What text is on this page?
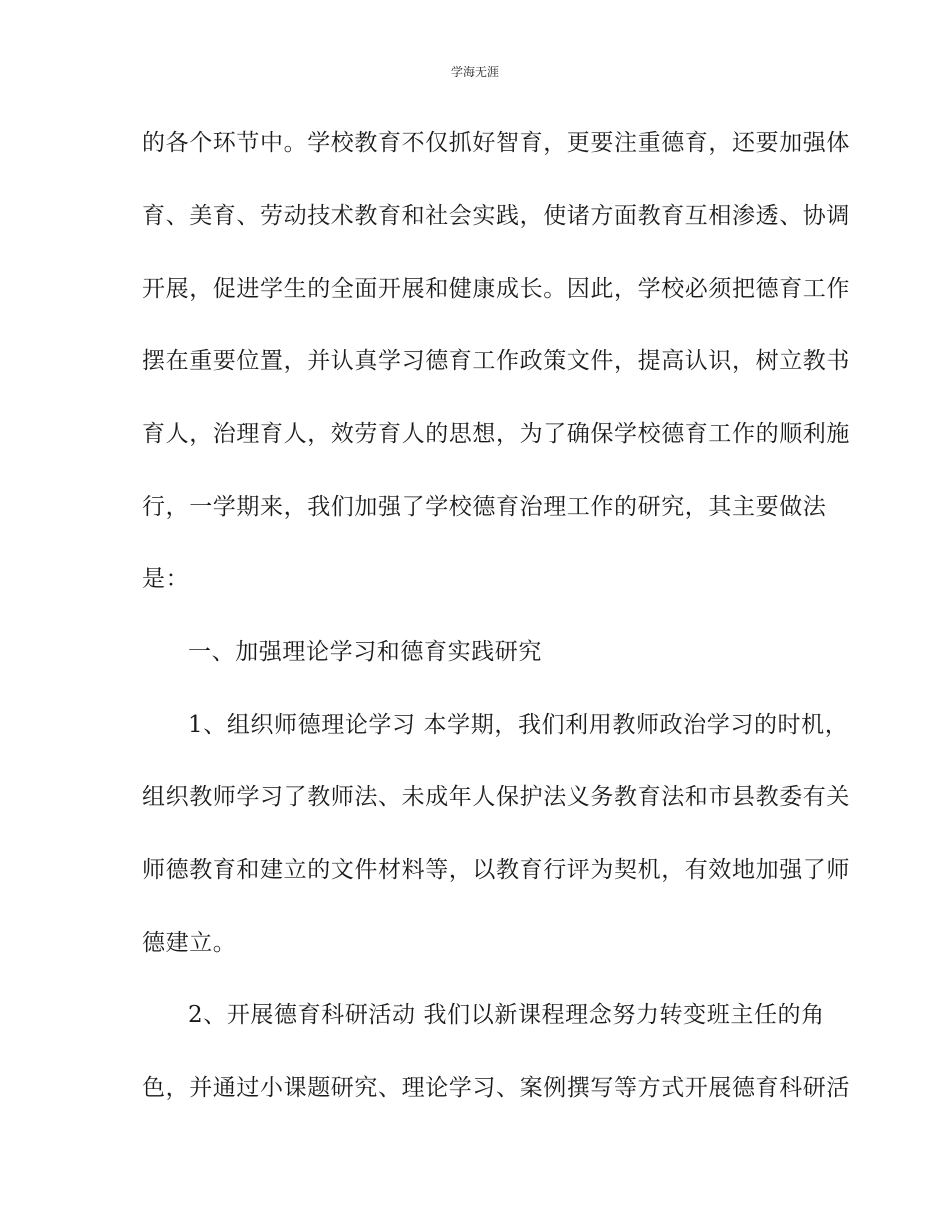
学海无涯
的各个环节中。学校教育不仅抓好智育，更要注重德育，还要加强体
育、美育、劳动技术教育和社会实践，使诸方面教育互相渗透、协调
开展，促进学生的全面开展和健康成长。因此，学校必须把德育工作
摆在重要位置，并认真学习德育工作政策文件，提高认识，树立教书
育人，治理育人，效劳育人的思想，为了确保学校德育工作的顺利施
行，一学期来，我们加强了学校德育治理工作的研究，其主要做法
是：
一、加强理论学习和德育实践研究
1、组织师德理论学习 本学期，我们利用教师政治学习的时机，
组织教师学习了教师法、未成年人保护法义务教育法和市县教委有关
师德教育和建立的文件材料等，以教育行评为契机，有效地加强了师
德建立。
2、开展德育科研活动 我们以新课程理念努力转变班主任的角
色，并通过小课题研究、理论学习、案例撰写等方式开展德育科研活
